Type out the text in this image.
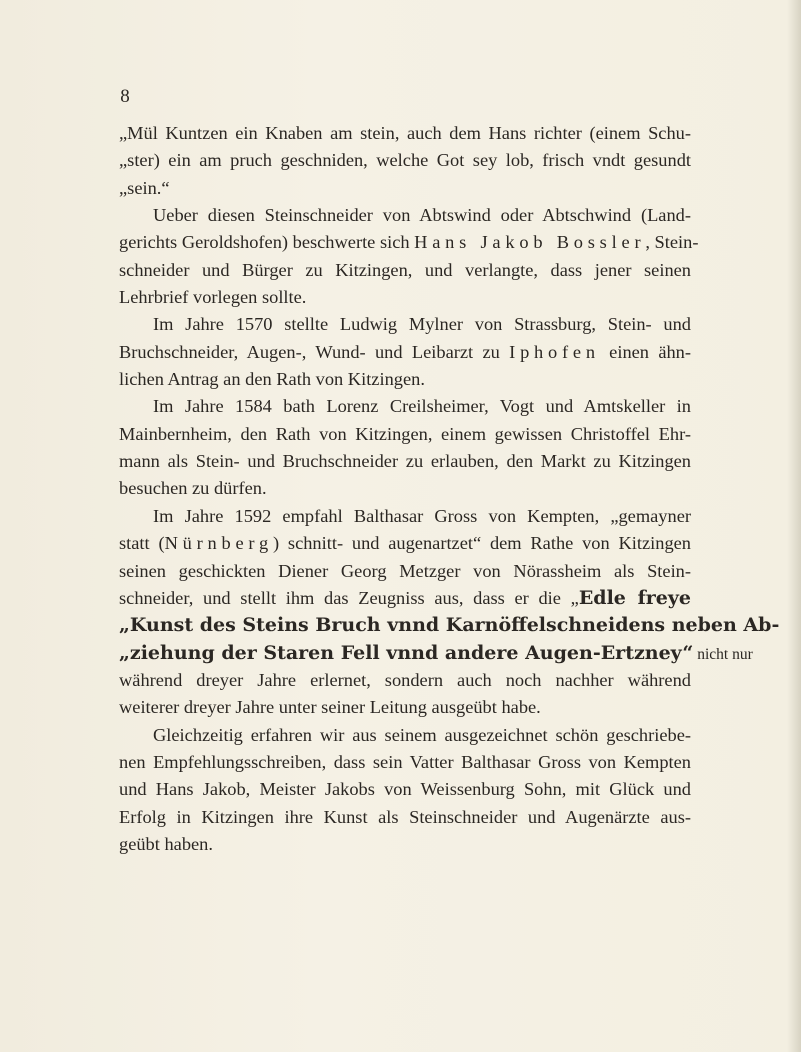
8
„Mül Kuntzen ein Knaben am stein, auch dem Hans richter (einem Schu-
„ster) ein am pruch geschniden, welche Got sey lob, frisch vndt gesundt
„sein.“
Ueber diesen Steinschneider von Abtswind oder Abtschwind (Land-
gerichts Geroldshofen) beschwerte sich Hans Jakob Bossler, Stein-
schneider und Bürger zu Kitzingen, und verlangte, dass jener seinen
Lehrbrief vorlegen sollte.
Im Jahre 1570 stellte Ludwig Mylner von Strassburg, Stein- und
Bruchschneider, Augen-, Wund- und Leibarzt zu Iphofen einen ähn-
lichen Antrag an den Rath von Kitzingen.
Im Jahre 1584 bath Lorenz Creilsheimer, Vogt und Amtskeller in
Mainbernheim, den Rath von Kitzingen, einem gewissen Christoffel Ehr-
mann als Stein- und Bruchschneider zu erlauben, den Markt zu Kitzingen
besuchen zu dürfen.
Im Jahre 1592 empfahl Balthasar Gross von Kempten, „gemayner
statt (Nürnberg) schnitt- und augenartzet“ dem Rathe von Kitzingen
seinen geschickten Diener Georg Metzger von Nörassheim als Stein-
schneider, und stellt ihm das Zeugniss aus, dass er die „Edle freye
„Kunst des Steins Bruch vnnd Karnöffelschneidens neben Ab-
„ziehung der Staren Fell vnnd andere Augen-Ertzney“ nicht nur
während dreyer Jahre erlernet, sondern auch noch nachher während
weiterer dreyer Jahre unter seiner Leitung ausgeübt habe.
Gleichzeitig erfahren wir aus seinem ausgezeichnet schön geschriebe-
nen Empfehlungsschreiben, dass sein Vatter Balthasar Gross von Kempten
und Hans Jakob, Meister Jakobs von Weissenburg Sohn, mit Glück und
Erfolg in Kitzingen ihre Kunst als Steinschneider und Augenärzte aus-
geübt haben.
